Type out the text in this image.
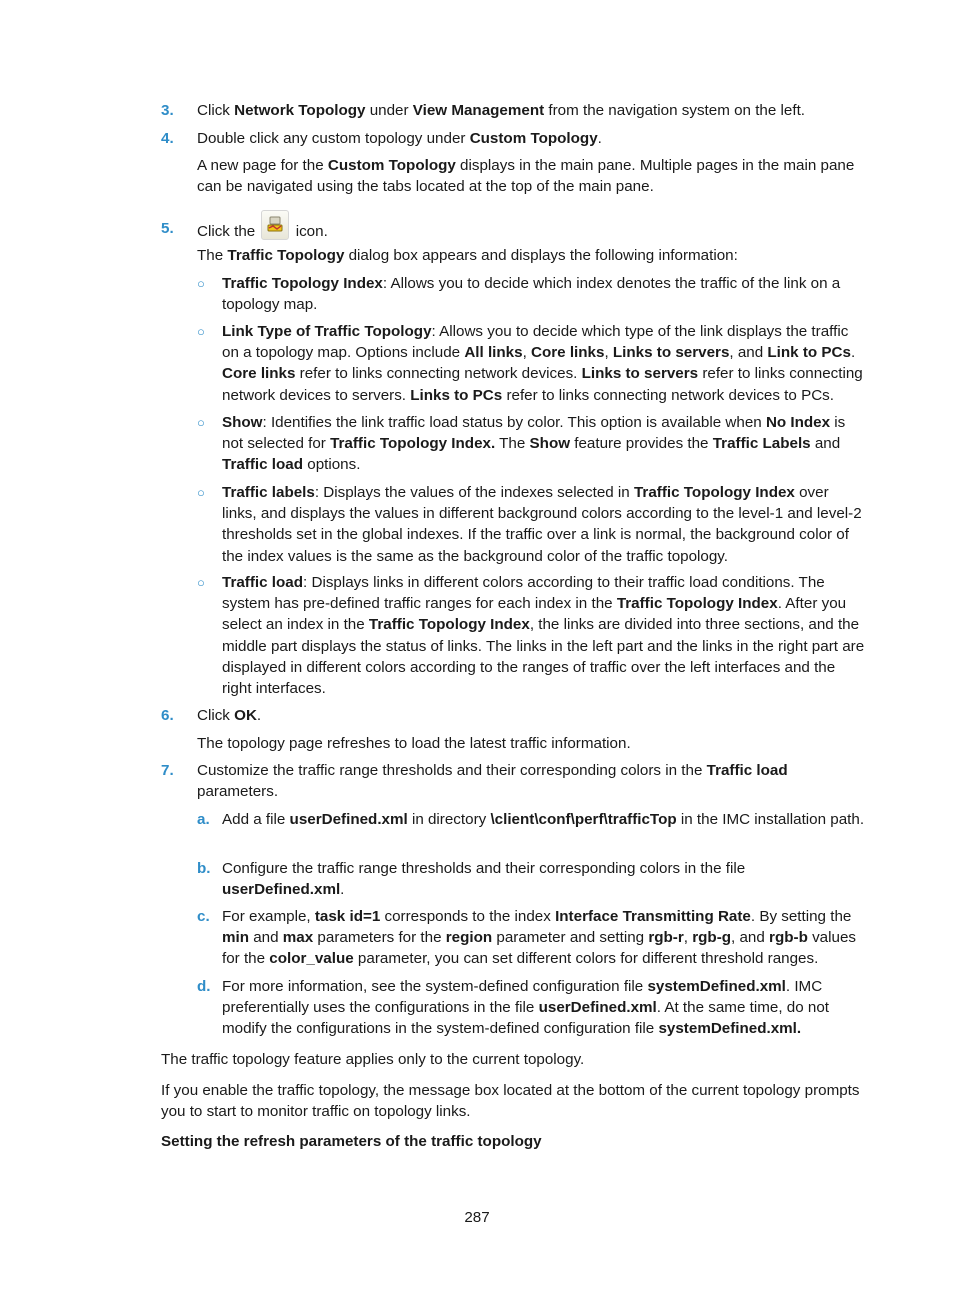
3. Click Network Topology under View Management from the navigation system on the left.
4. Double click any custom topology under Custom Topology.
A new page for the Custom Topology displays in the main pane. Multiple pages in the main pane can be navigated using the tabs located at the top of the main pane.
5. Click the	icon.
The Traffic Topology dialog box appears and displays the following information:
○ Traffic Topology Index: Allows you to decide which index denotes the traffic of the link on a topology map.
○ Link Type of Traffic Topology: Allows you to decide which type of the link displays the traffic on a topology map. Options include All links, Core links, Links to servers, and Link to PCs. Core links refer to links connecting network devices. Links to servers refer to links connecting network devices to servers. Links to PCs refer to links connecting network devices to PCs.
○ Show: Identifies the link traffic load status by color. This option is available when No Index is not selected for Traffic Topology Index. The Show feature provides the Traffic Labels and Traffic load options.
○ Traffic labels: Displays the values of the indexes selected in Traffic Topology Index over links, and displays the values in different background colors according to the level-1 and level-2 thresholds set in the global indexes. If the traffic over a link is normal, the background color of the index values is the same as the background color of the traffic topology.
○ Traffic load: Displays links in different colors according to their traffic load conditions. The system has pre-defined traffic ranges for each index in the Traffic Topology Index. After you select an index in the Traffic Topology Index, the links are divided into three sections, and the middle part displays the status of links. The links in the left part and the links in the right part are displayed in different colors according to the ranges of traffic over the left interfaces and the right interfaces.
6. Click OK.
The topology page refreshes to load the latest traffic information.
7. Customize the traffic range thresholds and their corresponding colors in the Traffic load parameters.
a. Add a file userDefined.xml in directory \client\conf\perf\trafficTop in the IMC installation path.
b. Configure the traffic range thresholds and their corresponding colors in the file userDefined.xml.
c. For example, task id=1 corresponds to the index Interface Transmitting Rate. By setting the min and max parameters for the region parameter and setting rgb-r, rgb-g, and rgb-b values for the color_value parameter, you can set different colors for different threshold ranges.
d. For more information, see the system-defined configuration file systemDefined.xml. IMC preferentially uses the configurations in the file userDefined.xml. At the same time, do not modify the configurations in the system-defined configuration file systemDefined.xml.
The traffic topology feature applies only to the current topology.
If you enable the traffic topology, the message box located at the bottom of the current topology prompts you to start to monitor traffic on topology links.
Setting the refresh parameters of the traffic topology
287
